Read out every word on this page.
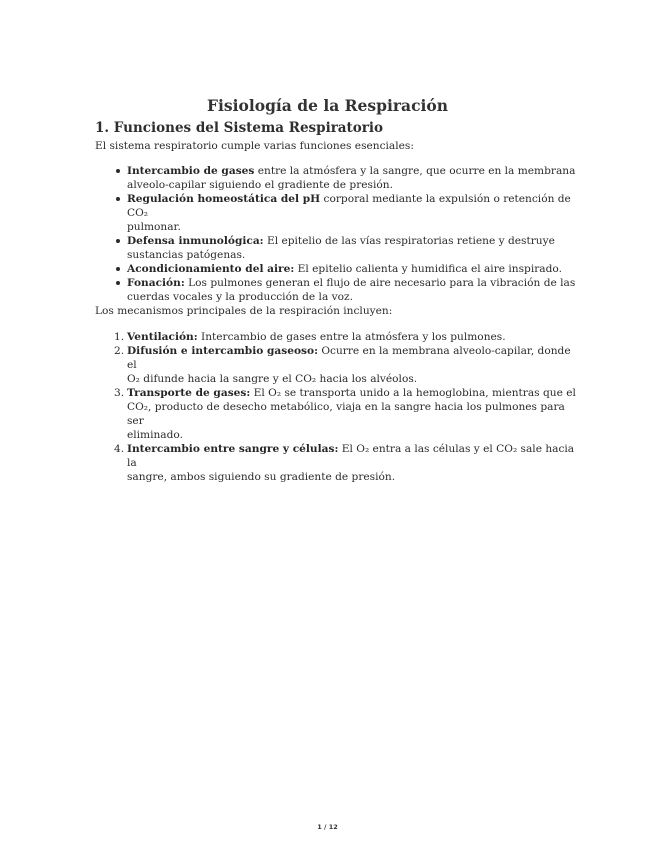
Fisiología de la Respiración
1. Funciones del Sistema Respiratorio

El sistema respiratorio cumple varias funciones esenciales:

Intercambio de gases entre la atmósfera y la sangre, que ocurre en la membrana
alveolo-capilar siguiendo el gradiente de presión.
Regulación homeostática del pH corporal mediante la expulsión o retención de CO₂
pulmonar.
Defensa inmunológica: El epitelio de las vías respiratorias retiene y destruye
sustancias patógenas.
Acondicionamiento del aire: El epitelio calienta y humidifica el aire inspirado.
Fonación: Los pulmones generan el flujo de aire necesario para la vibración de las
cuerdas vocales y la producción de la voz.

Los mecanismos principales de la respiración incluyen:

1. Ventilación: Intercambio de gases entre la atmósfera y los pulmones.
2. Difusión e intercambio gaseoso: Ocurre en la membrana alveolo-capilar, donde el
O₂ difunde hacia la sangre y el CO₂ hacia los alvéolos.
3. Transporte de gases: El O₂ se transporta unido a la hemoglobina, mientras que el
CO₂, producto de desecho metabólico, viaja en la sangre hacia los pulmones para ser
eliminado.
4. Intercambio entre sangre y células: El O₂ entra a las células y el CO₂ sale hacia la
sangre, ambos siguiendo su gradiente de presión.
1 / 12
